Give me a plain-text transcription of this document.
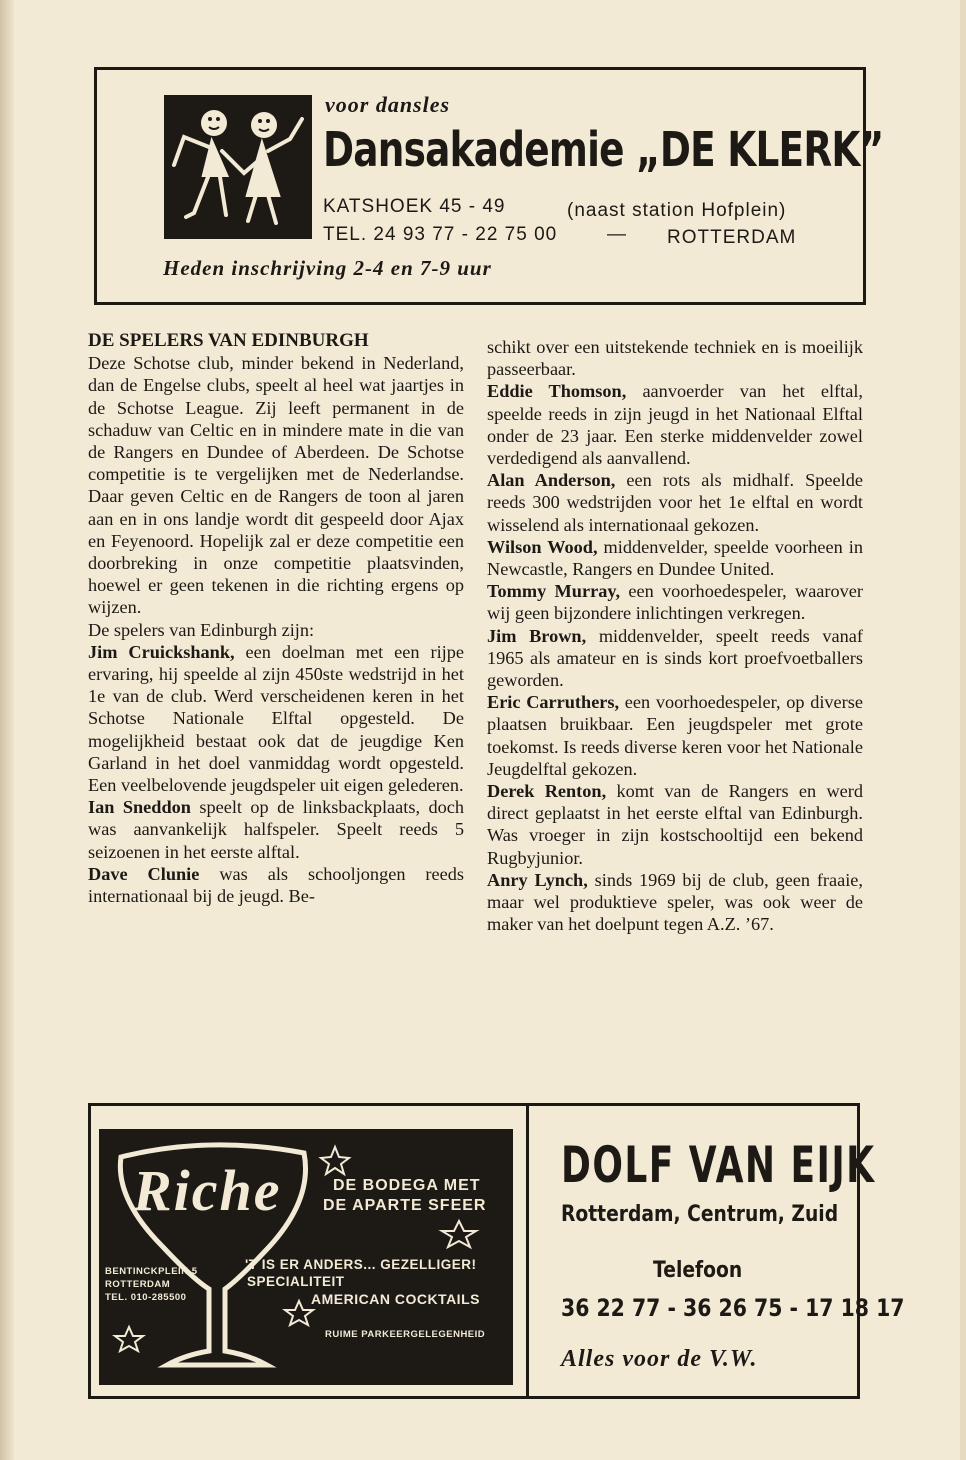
voor dansles
Dansakademie „DE KLERK”
KATSHOEK 45 - 49	(naast station Hofplein)
TEL. 24 93 77 - 22 75 00	— ROTTERDAM
Heden inschrijving 2-4 en 7-9 uur

DE SPELERS VAN EDINBURGH

Deze Schotse club, minder bekend in Nederland, dan de Engelse clubs, speelt al heel wat jaartjes in de Schotse League. Zij leeft permanent in de schaduw van Celtic en in mindere mate in die van de Rangers en Dundee of Aberdeen. De Schotse competitie is te vergelijken met de Nederlandse. Daar geven Celtic en de Rangers de toon al jaren aan en in ons landje wordt dit gespeeld door Ajax en Feyenoord. Hopelijk zal er deze competitie een doorbreking in onze competitie plaatsvinden, hoewel er geen tekenen in die richting ergens op wijzen.

De spelers van Edinburgh zijn:

Jim Cruickshank, een doelman met een rijpe ervaring, hij speelde al zijn 450ste wedstrijd in het 1e van de club. Werd verscheidenen keren in het Schotse Nationale Elftal opgesteld. De mogelijkheid bestaat ook dat de jeugdige Ken Garland in het doel vanmiddag wordt opgesteld. Een veelbelovende jeugdspeler uit eigen gelederen.

Ian Sneddon speelt op de linksbackplaats, doch was aanvankelijk halfspeler. Speelt reeds 5 seizoenen in het eerste alftal.

Dave Clunie was als schooljongen reeds internationaal bij de jeugd. Be-

schikt over een uitstekende techniek en is moeilijk passeerbaar.

Eddie Thomson, aanvoerder van het elftal, speelde reeds in zijn jeugd in het Nationaal Elftal onder de 23 jaar. Een sterke middenvelder zowel verdedigend als aanvallend.

Alan Anderson, een rots als midhalf. Speelde reeds 300 wedstrijden voor het 1e elftal en wordt wisselend als internationaal gekozen.

Wilson Wood, middenvelder, speelde voorheen in Newcastle, Rangers en Dundee United.

Tommy Murray, een voorhoedespeler, waarover wij geen bijzondere inlichtingen verkregen.

Jim Brown, middenvelder, speelt reeds vanaf 1965 als amateur en is sinds kort proefvoetballers geworden.

Eric Carruthers, een voorhoedespeler, op diverse plaatsen bruikbaar. Een jeugdspeler met grote toekomst. Is reeds diverse keren voor het Nationale Jeugdelftal gekozen.

Derek Renton, komt van de Rangers en werd direct geplaatst in het eerste elftal van Edinburgh. Was vroeger in zijn kostschooltijd een bekend Rugbyjunior.

Anry Lynch, sinds 1969 bij de club, geen fraaie, maar wel produktieve speler, was ook weer de maker van het doelpunt tegen A.Z. ’67.

Riche	DE BODEGA MET
DE APARTE SFEER
BENTINCKPLEIN 5
ROTTERDAM
TEL. 010-285500
'T IS ER ANDERS... GEZELLIGER!
SPECIALITEIT
AMERICAN COCKTAILS
RUIME PARKEERGELEGENHEID
DOLF VAN EIJK
Rotterdam, Centrum, Zuid
Telefoon
36 22 77 - 36 26 75 - 17 18 17
Alles voor de V.W.
